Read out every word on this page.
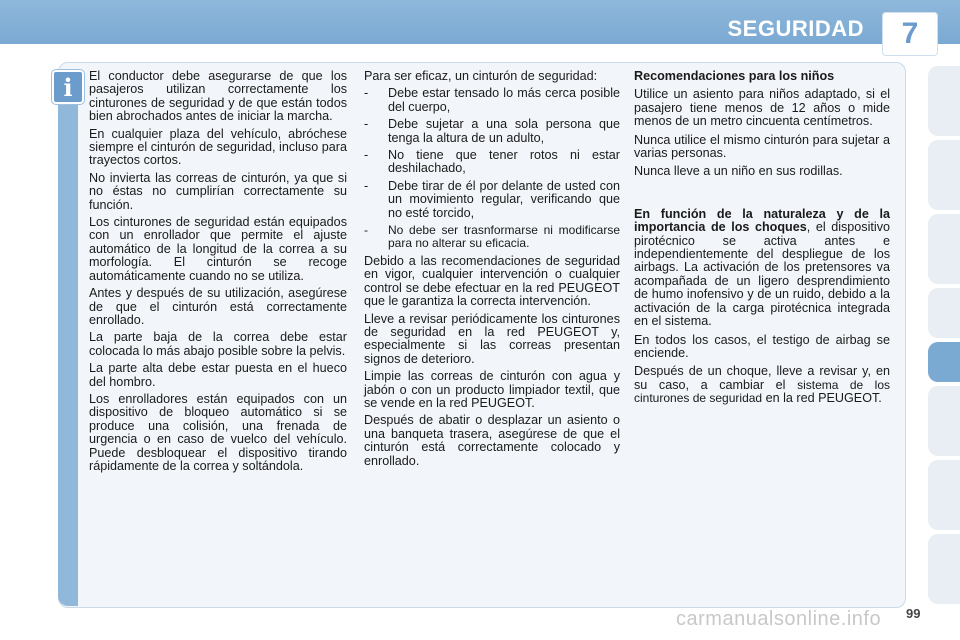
SEGURIDAD	7
i El conductor debe asegurarse de que los pasajeros utilizan correctamente los cinturones de seguridad y de que están todos bien abrochados antes de iniciar la marcha.

En cualquier plaza del vehículo, abróchese siempre el cinturón de seguridad, incluso para trayectos cortos.

No invierta las correas de cinturón, ya que si no éstas no cumplirían correctamente su función.

Los cinturones de seguridad están equipados con un enrollador que permite el ajuste automático de la longitud de la correa a su morfología. El cinturón se recoge automáticamente cuando no se utiliza.

Antes y después de su utilización, asegúrese de que el cinturón está correctamente enrollado.

La parte baja de la correa debe estar colocada lo más abajo posible sobre la pelvis.

La parte alta debe estar puesta en el hueco del hombro.

Los enrolladores están equipados con un dispositivo de bloqueo automático si se produce una colisión, una frenada de urgencia o en caso de vuelco del vehículo. Puede desbloquear el dispositivo tirando rápidamente de la correa y soltándola.

Para ser eficaz, un cinturón de seguridad:

- Debe estar tensado lo más cerca posible del cuerpo,
- Debe sujetar a una sola persona que tenga la altura de un adulto,
- No tiene que tener rotos ni estar deshilachado,
- Debe tirar de él por delante de usted con un movimiento regular, verificando que no esté torcido,
- No debe ser trasnformarse ni modificarse para no alterar su eficacia.

Debido a las recomendaciones de seguridad en vigor, cualquier intervención o cualquier control se debe efectuar en la red PEUGEOT que le garantiza la correcta intervención.

Lleve a revisar periódicamente los cinturones de seguridad en la red PEUGEOT y, especialmente si las correas presentan signos de deterioro.

Limpie las correas de cinturón con agua y jabón o con un producto limpiador textil, que se vende en la red PEUGEOT.

Después de abatir o desplazar un asiento o una banqueta trasera, asegúrese de que el cinturón está correctamente colocado y enrollado.

Recomendaciones para los niños

Utilice un asiento para niños adaptado, si el pasajero tiene menos de 12 años o mide menos de un metro cincuenta centímetros.

Nunca utilice el mismo cinturón para sujetar a varias personas.

Nunca lleve a un niño en sus rodillas.

En función de la naturaleza y de la importancia de los choques, el dispositivo pirotécnico se activa antes e independientemente del despliegue de los airbags. La activación de los pretensores va acompañada de un ligero desprendimiento de humo inofensivo y de un ruido, debido a la activación de la carga pirotécnica integrada en el sistema.

En todos los casos, el testigo de airbag se enciende.

Después de un choque, lleve a revisar y, en su caso, a cambiar el sistema de los cinturones de seguridad en la red PEUGEOT.

carmanualsonline.info 99
